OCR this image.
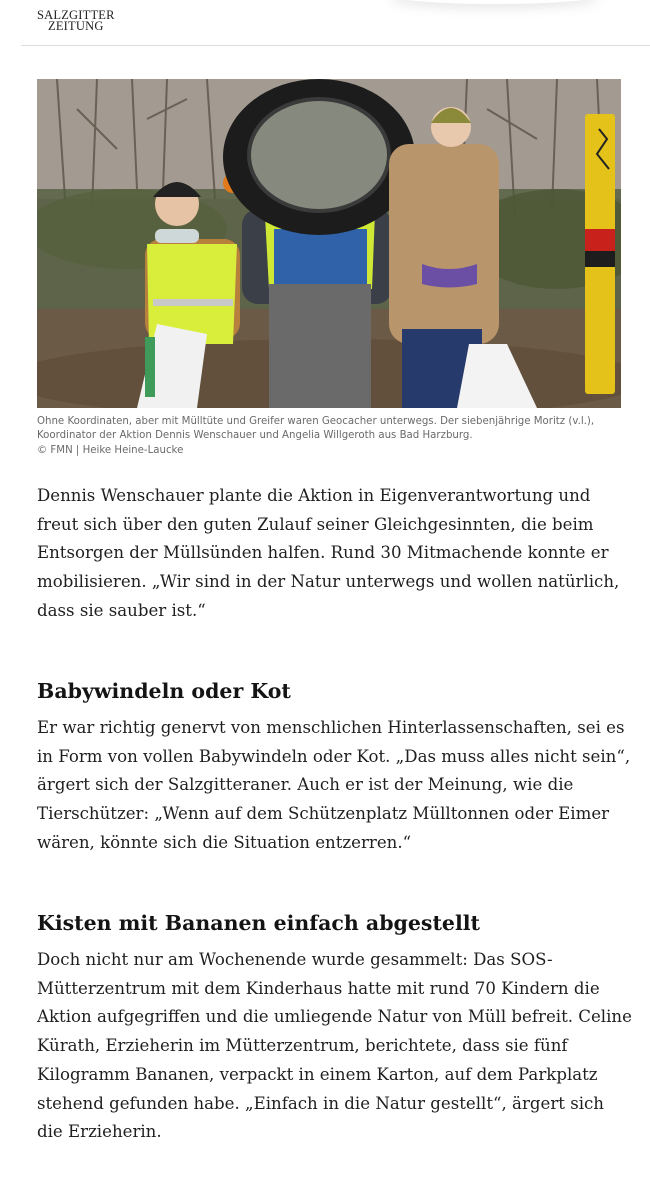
SALZGITTER
ZEITUNG
Ohne Koordinaten, aber mit Mülltüte und Greifer waren Geocacher unterwegs. Der siebenjährige Moritz (v.l.), Koordinator der Aktion Dennis Wenschauer und Angelia Willgeroth aus Bad Harzburg.
© FMN | Heike Heine-Laucke

Dennis Wenschauer plante die Aktion in Eigenverantwortung und freut sich über den guten Zulauf seiner Gleichgesinnten, die beim Entsorgen der Müllsünden halfen. Rund 30 Mitmachende konnte er mobilisieren. „Wir sind in der Natur unterwegs und wollen natürlich, dass sie sauber ist.“

Babywindeln oder Kot

Er war richtig genervt von menschlichen Hinterlassenschaften, sei es in Form von vollen Babywindeln oder Kot. „Das muss alles nicht sein“, ärgert sich der Salzgitteraner. Auch er ist der Meinung, wie die Tierschützer: „Wenn auf dem Schützenplatz Mülltonnen oder Eimer wären, könnte sich die Situation entzerren.“

Kisten mit Bananen einfach abgestellt

Doch nicht nur am Wochenende wurde gesammelt: Das SOS-Mütterzentrum mit dem Kinderhaus hatte mit rund 70 Kindern die Aktion aufgegriffen und die umliegende Natur von Müll befreit. Celine Kürath, Erzieherin im Mütterzentrum, berichtete, dass sie fünf Kilogramm Bananen, verpackt in einem Karton, auf dem Parkplatz stehend gefunden habe. „Einfach in die Natur gestellt“, ärgert sich die Erzieherin.
